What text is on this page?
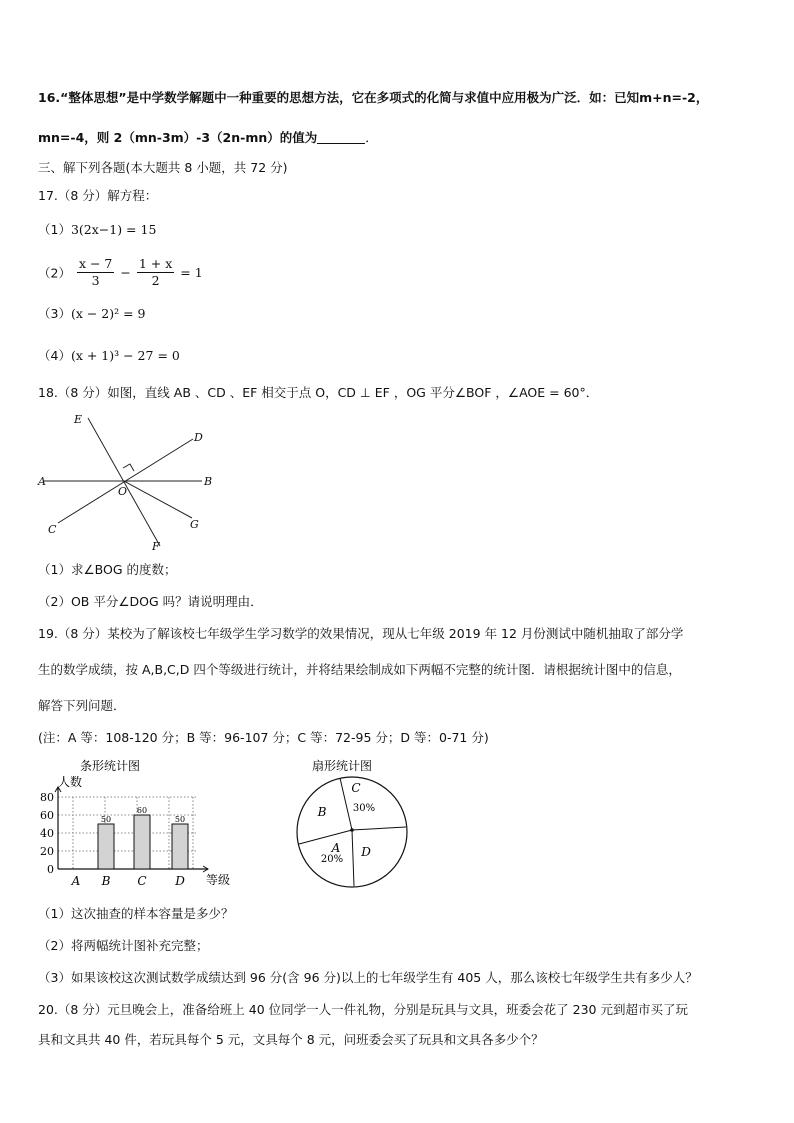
16.“整体思想”是中学数学解题中一种重要的思想方法，它在多项式的化简与求值中应用极为广泛．如：已知m+n=-2，
mn=-4，则 2（mn-3m）-3（2n-mn）的值为	．
三、解下列各题(本大题共 8 小题，共 72 分)
17.（8 分）解方程：
（1）3(2x−1) = 15
$(2) \frac{x - 7}{3} - \frac{1 + x}{2} = 1$
（3）(x − 2)² = 9
（4）(x + 1)³ − 27 = 0
18.（8 分）如图，直线 AB 、CD 、EF 相交于点 O，CD ⊥ EF ，OG 平分∠BOF ，∠AOE = 60°．
E
D
A	B
O
C	G
F
（1）求∠BOG 的度数；
（2）OB 平分∠DOG 吗？请说明理由．
19.（8 分）某校为了解该校七年级学生学习数学的效果情况，现从七年级 2019 年 12 月份测试中随机抽取了部分学
生的数学成绩，按 A,B,C,D 四个等级进行统计，并将结果绘制成如下两幅不完整的统计图．请根据统计图中的信息，
解答下列问题．
(注：A 等：108-120 分；B 等：96-107 分；C 等：72-95 分；D 等：0-71 分)
条形统计图
人数
0
20
40
60
80
A B
50
C
60
D
50
等级
扇形统计图
C
30%
B
A
20%
D
（1）这次抽查的样本容量是多少？
（2）将两幅统计图补充完整；
（3）如果该校这次测试数学成绩达到 96 分(含 96 分)以上的七年级学生有 405 人，那么该校七年级学生共有多少人？
20.（8 分）元旦晚会上，准备给班上 40 位同学一人一件礼物，分别是玩具与文具，班委会花了 230 元到超市买了玩
具和文具共 40 件，若玩具每个 5 元，文具每个 8 元，问班委会买了玩具和文具各多少个？
